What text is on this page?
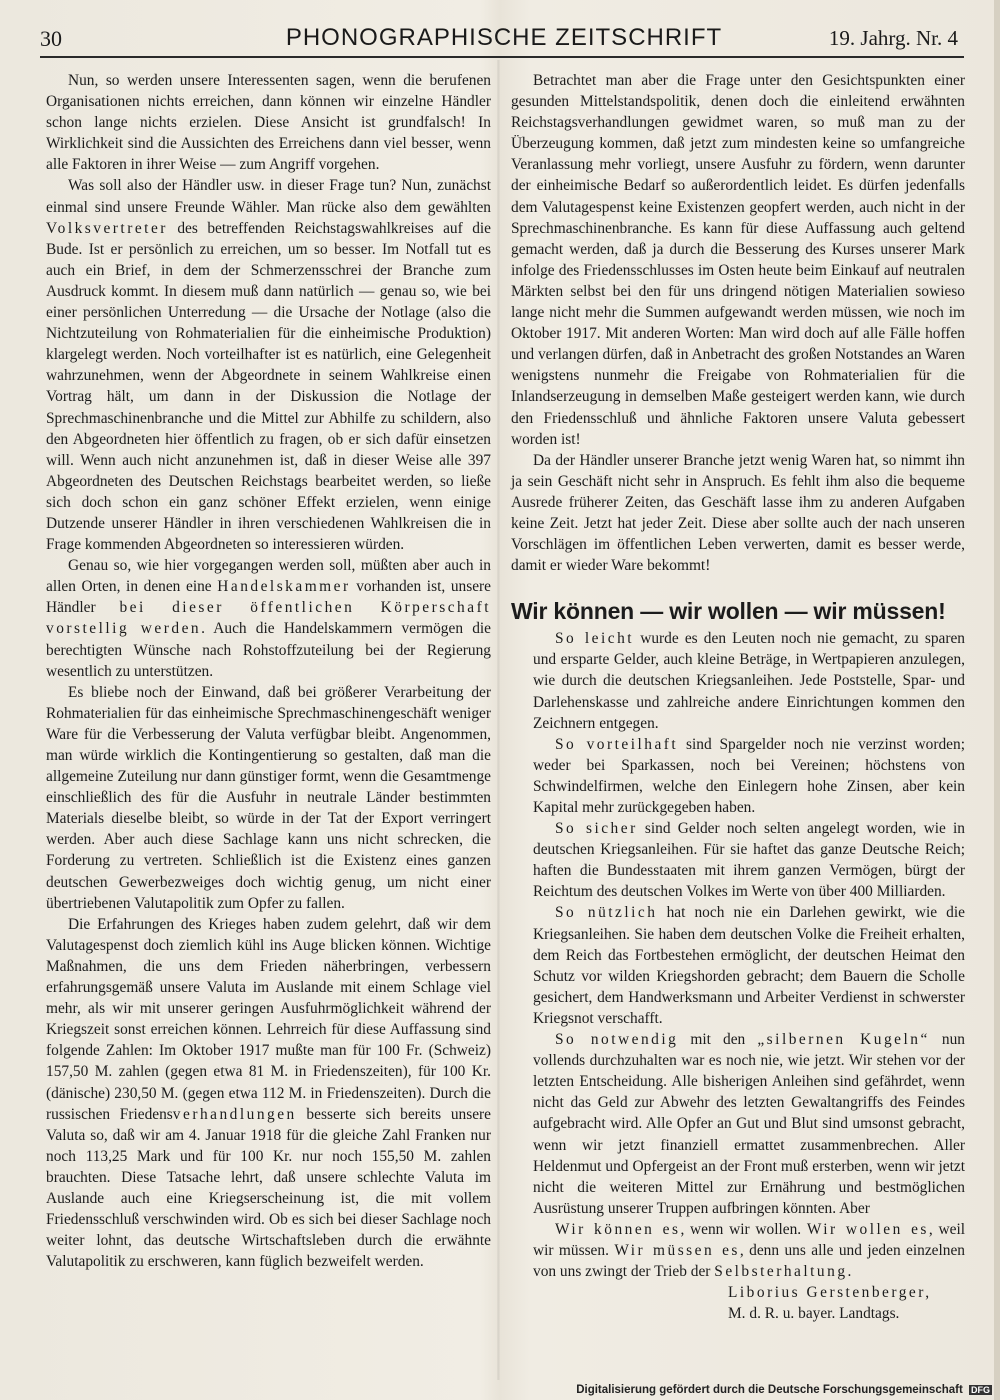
30	PHONOGRAPHISCHE ZEITSCHRIFT	19. Jahrg. Nr. 4

Nun, so werden unsere Interessenten sagen, wenn die berufenen Organisationen nichts erreichen, dann können wir einzelne Händler schon lange nichts erzielen. Diese Ansicht ist grundfalsch! In Wirklichkeit sind die Aussichten des Erreichens dann viel besser, wenn alle Faktoren in ihrer Weise — zum Angriff vorgehen.

Was soll also der Händler usw. in dieser Frage tun? Nun, zunächst einmal sind unsere Freunde Wähler. Man rücke also dem gewählten Volksvertreter des betreffenden Reichstagswahlkreises auf die Bude. Ist er persönlich zu erreichen, um so besser. Im Notfall tut es auch ein Brief, in dem der Schmerzensschrei der Branche zum Ausdruck kommt. In diesem muß dann natürlich — genau so, wie bei einer persönlichen Unterredung — die Ursache der Notlage (also die Nichtzuteilung von Rohmaterialien für die einheimische Produktion) klargelegt werden. Noch vorteilhafter ist es natürlich, eine Gelegenheit wahrzunehmen, wenn der Abgeordnete in seinem Wahlkreise einen Vortrag hält, um dann in der Diskussion die Notlage der Sprechmaschinenbranche und die Mittel zur Abhilfe zu schildern, also den Abgeordneten hier öffentlich zu fragen, ob er sich dafür einsetzen will. Wenn auch nicht anzunehmen ist, daß in dieser Weise alle 397 Abgeordneten des Deutschen Reichstags bearbeitet werden, so ließe sich doch schon ein ganz schöner Effekt erzielen, wenn einige Dutzende unserer Händler in ihren verschiedenen Wahlkreisen die in Frage kommenden Abgeordneten so interessieren würden.

Genau so, wie hier vorgegangen werden soll, müßten aber auch in allen Orten, in denen eine Handelskammer vorhanden ist, unsere Händler bei dieser öffentlichen Körperschaft vorstellig werden. Auch die Handelskammern vermögen die berechtigten Wünsche nach Rohstoffzuteilung bei der Regierung wesentlich zu unterstützen.

Es bliebe noch der Einwand, daß bei größerer Verarbeitung der Rohmaterialien für das einheimische Sprechmaschinengeschäft weniger Ware für die Verbesserung der Valuta verfügbar bleibt. Angenommen, man würde wirklich die Kontingentierung so gestalten, daß man die allgemeine Zuteilung nur dann günstiger formt, wenn die Gesamtmenge einschließlich des für die Ausfuhr in neutrale Länder bestimmten Materials dieselbe bleibt, so würde in der Tat der Export verringert werden. Aber auch diese Sachlage kann uns nicht schrecken, die Forderung zu vertreten. Schließlich ist die Existenz eines ganzen deutschen Gewerbezweiges doch wichtig genug, um nicht einer übertriebenen Valutapolitik zum Opfer zu fallen.

Die Erfahrungen des Krieges haben zudem gelehrt, daß wir dem Valutagespenst doch ziemlich kühl ins Auge blicken können. Wichtige Maßnahmen, die uns dem Frieden näherbringen, verbessern erfahrungsgemäß unsere Valuta im Auslande mit einem Schlage viel mehr, als wir mit unserer geringen Ausfuhrmöglichkeit während der Kriegszeit sonst erreichen können. Lehrreich für diese Auffassung sind folgende Zahlen: Im Oktober 1917 mußte man für 100 Fr. (Schweiz) 157,50 M. zahlen (gegen etwa 81 M. in Friedenszeiten), für 100 Kr. (dänische) 230,50 M. (gegen etwa 112 M. in Friedenszeiten). Durch die russischen Friedensverhandlungen besserte sich bereits unsere Valuta so, daß wir am 4. Januar 1918 für die gleiche Zahl Franken nur noch 113,25 Mark und für 100 Kr. nur noch 155,50 M. zahlen brauchten. Diese Tatsache lehrt, daß unsere schlechte Valuta im Auslande auch eine Kriegserscheinung ist, die mit vollem Friedensschluß verschwinden wird. Ob es sich bei dieser Sachlage noch weiter lohnt, das deutsche Wirtschaftsleben durch die erwähnte Valutapolitik zu erschweren, kann füglich bezweifelt werden.

Betrachtet man aber die Frage unter den Gesichtspunkten einer gesunden Mittelstandspolitik, denen doch die einleitend erwähnten Reichstagsverhandlungen gewidmet waren, so muß man zu der Überzeugung kommen, daß jetzt zum mindesten keine so umfangreiche Veranlassung mehr vorliegt, unsere Ausfuhr zu fördern, wenn darunter der einheimische Bedarf so außerordentlich leidet. Es dürfen jedenfalls dem Valutagespenst keine Existenzen geopfert werden, auch nicht in der Sprechmaschinenbranche. Es kann für diese Auffassung auch geltend gemacht werden, daß ja durch die Besserung des Kurses unserer Mark infolge des Friedensschlusses im Osten heute beim Einkauf auf neutralen Märkten selbst bei den für uns dringend nötigen Materialien sowieso lange nicht mehr die Summen aufgewandt werden müssen, wie noch im Oktober 1917. Mit anderen Worten: Man wird doch auf alle Fälle hoffen und verlangen dürfen, daß in Anbetracht des großen Notstandes an Waren wenigstens nunmehr die Freigabe von Rohmaterialien für die Inlandserzeugung in demselben Maße gesteigert werden kann, wie durch den Friedensschluß und ähnliche Faktoren unsere Valuta gebessert worden ist!

Da der Händler unserer Branche jetzt wenig Waren hat, so nimmt ihn ja sein Geschäft nicht sehr in Anspruch. Es fehlt ihm also die bequeme Ausrede früherer Zeiten, das Geschäft lasse ihm zu anderen Aufgaben keine Zeit. Jetzt hat jeder Zeit. Diese aber sollte auch der nach unseren Vorschlägen im öffentlichen Leben verwerten, damit es besser werde, damit er wieder Ware bekommt!

Wir können — wir wollen — wir müssen!

So leicht wurde es den Leuten noch nie gemacht, zu sparen und ersparte Gelder, auch kleine Beträge, in Wertpapieren anzulegen, wie durch die deutschen Kriegsanleihen. Jede Poststelle, Spar- und Darlehenskasse und zahlreiche andere Einrichtungen kommen den Zeichnern entgegen.

So vorteilhaft sind Spargelder noch nie verzinst worden; weder bei Sparkassen, noch bei Vereinen; höchstens von Schwindelfirmen, welche den Einlegern hohe Zinsen, aber kein Kapital mehr zurückgegeben haben.

So sicher sind Gelder noch selten angelegt worden, wie in deutschen Kriegsanleihen. Für sie haftet das ganze Deutsche Reich; haften die Bundesstaaten mit ihrem ganzen Vermögen, bürgt der Reichtum des deutschen Volkes im Werte von über 400 Milliarden.

So nützlich hat noch nie ein Darlehen gewirkt, wie die Kriegsanleihen. Sie haben dem deutschen Volke die Freiheit erhalten, dem Reich das Fortbestehen ermöglicht, der deutschen Heimat den Schutz vor wilden Kriegshorden gebracht; dem Bauern die Scholle gesichert, dem Handwerksmann und Arbeiter Verdienst in schwerster Kriegsnot verschafft.

So notwendig mit den „silbernen Kugeln“ nun vollends durchzuhalten war es noch nie, wie jetzt. Wir stehen vor der letzten Entscheidung. Alle bisherigen Anleihen sind gefährdet, wenn nicht das Geld zur Abwehr des letzten Gewaltangriffs des Feindes aufgebracht wird. Alle Opfer an Gut und Blut sind umsonst gebracht, wenn wir jetzt finanziell ermattet zusammenbrechen. Aller Heldenmut und Opfergeist an der Front muß ersterben, wenn wir jetzt nicht die weiteren Mittel zur Ernährung und bestmöglichen Ausrüstung unserer Truppen aufbringen könnten. Aber

Wir können es, wenn wir wollen. Wir wollen es, weil wir müssen. Wir müssen es, denn uns alle und jeden einzelnen von uns zwingt der Trieb der Selbsterhaltung.

Liborius Gerstenberger,

M. d. R. u. bayer. Landtags.

Digitalisierung gefördert durch die Deutsche Forschungsgemeinschaft DFG
